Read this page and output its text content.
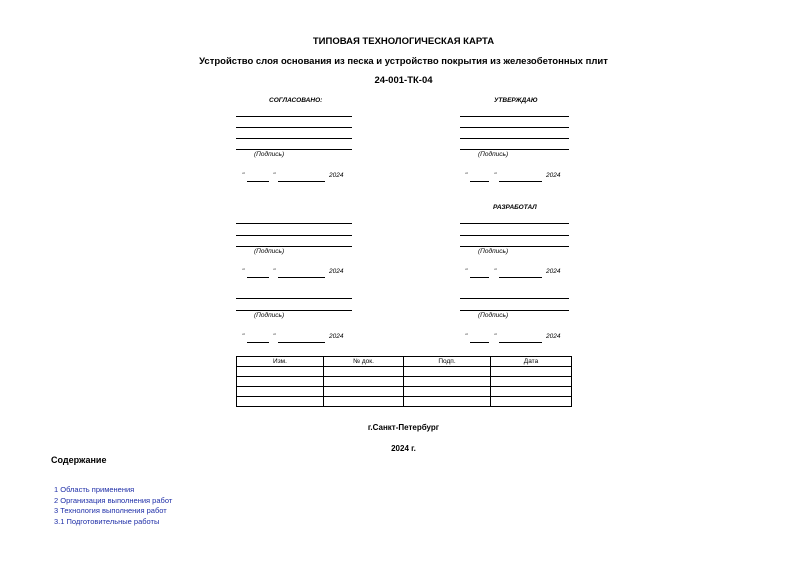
ТИПОВАЯ ТЕХНОЛОГИЧЕСКАЯ КАРТА
Устройство слоя основания из песка и устройство покрытия из железобетонных плит
24-001-ТК-04
СОГЛАСОВАНО:	УТВЕРЖДАЮ
(Подпись)	(Подпись)
"	"	2024	"	"	2024
РАЗРАБОТАЛ
(Подпись)	(Подпись)
"	"	2024	"	"	2024
(Подпись)	(Подпись)
"	"	2024	"	"	2024
Изм.	№ док.	Подп.	Дата

г.Санкт-Петербург
2024 г.
Содержание
1 Область применения
2 Организация выполнения работ
3 Технология выполнения работ
3.1 Подготовительные работы
